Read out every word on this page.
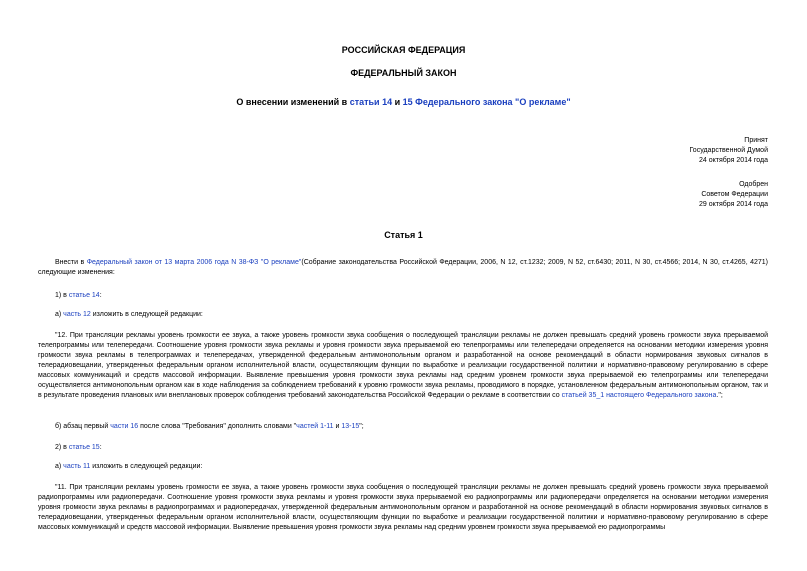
РОССИЙСКАЯ ФЕДЕРАЦИЯ
ФЕДЕРАЛЬНЫЙ ЗАКОН
О внесении изменений в статьи 14 и 15 Федерального закона "О рекламе"
Принят
Государственной Думой
24 октября 2014 года
Одобрен
Советом Федерации
29 октября 2014 года
Статья 1
Внести в Федеральный закон от 13 марта 2006 года N 38-ФЗ "О рекламе"(Собрание законодательства Российской Федерации, 2006, N 12, ст.1232; 2009, N 52, ст.6430; 2011, N 30, ст.4566; 2014, N 30, ст.4265, 4271) следующие изменения:
1) в статье 14:
а) часть 12 изложить в следующей редакции:
"12. При трансляции рекламы уровень громкости ее звука, а также уровень громкости звука сообщения о последующей трансляции рекламы не должен превышать средний уровень громкости звука прерываемой телепрограммы или телепередачи. Соотношение уровня громкости звука рекламы и уровня громкости звука прерываемой ею телепрограммы или телепередачи определяется на основании методики измерения уровня громкости звука рекламы в телепрограммах и телепередачах, утвержденной федеральным антимонопольным органом и разработанной на основе рекомендаций в области нормирования звуковых сигналов в телерадиовещании, утвержденных федеральным органом исполнительной власти, осуществляющим функции по выработке и реализации государственной политики и нормативно-правовому регулированию в сфере массовых коммуникаций и средств массовой информации. Выявление превышения уровня громкости звука рекламы над средним уровнем громкости звука прерываемой ею телепрограммы или телепередачи осуществляется антимонопольным органом как в ходе наблюдения за соблюдением требований к уровню громкости звука рекламы, проводимого в порядке, установленном федеральным антимонопольным органом, так и в результате проведения плановых или внеплановых проверок соблюдения требований законодательства Российской Федерации о рекламе в соответствии со статьей 35_1 настоящего Федерального закона.";
б) абзац первый части 16 после слова "Требования" дополнить словами "частей 1-11 и 13-15";
2) в статье 15:
а) часть 11 изложить в следующей редакции:
"11. При трансляции рекламы уровень громкости ее звука, а также уровень громкости звука сообщения о последующей трансляции рекламы не должен превышать средний уровень громкости звука прерываемой радиопрограммы или радиопередачи. Соотношение уровня громкости звука рекламы и уровня громкости звука прерываемой ею радиопрограммы или радиопередачи определяется на основании методики измерения уровня громкости звука рекламы в радиопрограммах и радиопередачах, утвержденной федеральным антимонопольным органом и разработанной на основе рекомендаций в области нормирования звуковых сигналов в телерадиовещании, утвержденных федеральным органом исполнительной власти, осуществляющим функции по выработке и реализации государственной политики и нормативно-правовому регулированию в сфере массовых коммуникаций и средств массовой информации. Выявление превышения уровня громкости звука рекламы над средним уровнем громкости звука прерываемой ею радиопрограммы
